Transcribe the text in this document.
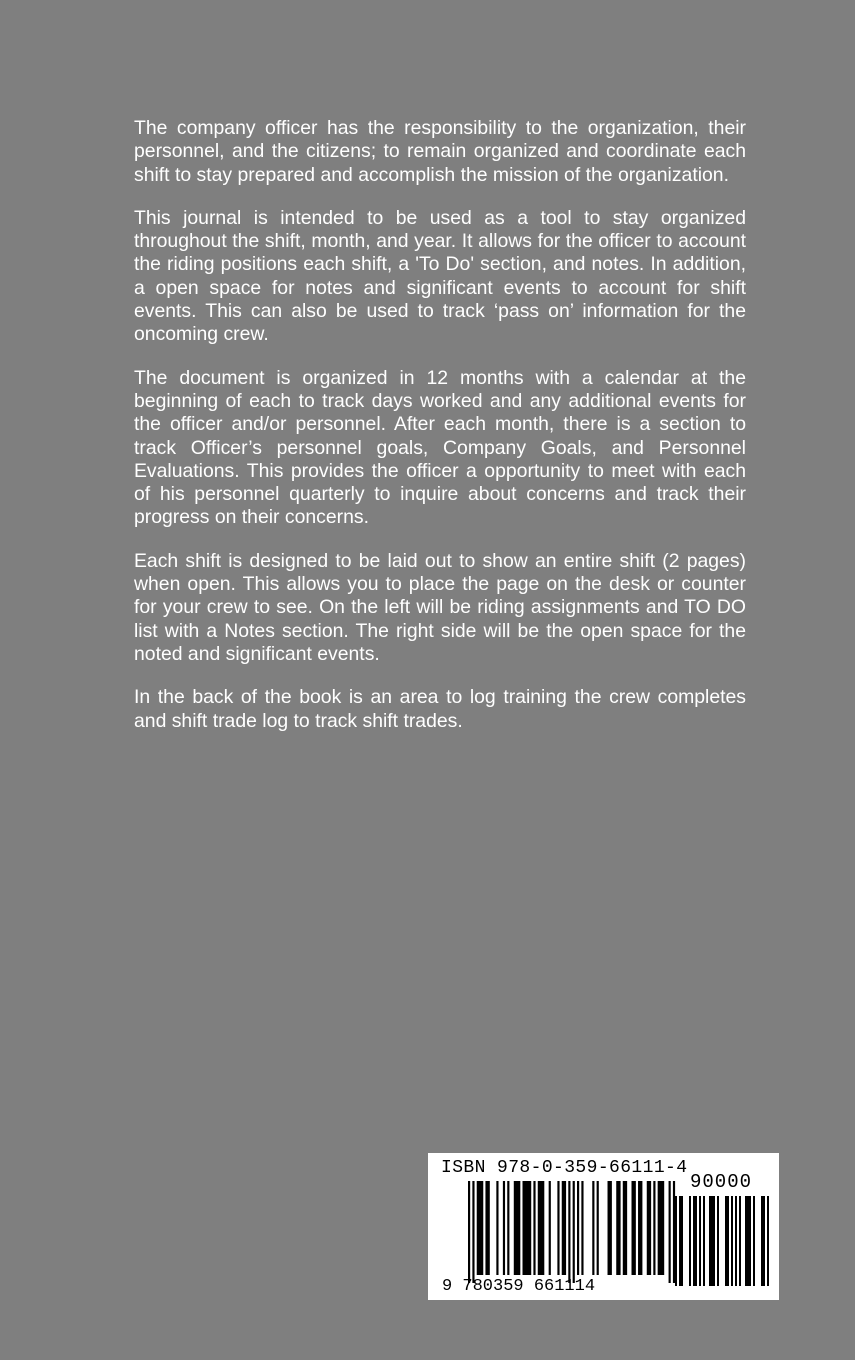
The company officer has the responsibility to the organization, their personnel, and the citizens; to remain organized and coordinate each shift to stay prepared and accomplish the mission of the organization.

This journal is intended to be used as a tool to stay organized throughout the shift, month, and year. It allows for the officer to account the riding positions each shift, a 'To Do' section, and notes. In addition, a open space for notes and significant events to account for shift events. This can also be used to track ‘pass on’ information for the oncoming crew.

The document is organized in 12 months with a calendar at the beginning of each to track days worked and any additional events for the officer and/or personnel. After each month, there is a section to track Officer’s personnel goals, Company Goals, and Personnel Evaluations. This provides the officer a opportunity to meet with each of his personnel quarterly to inquire about concerns and track their progress on their concerns.

Each shift is designed to be laid out to show an entire shift (2 pages) when open. This allows you to place the page on the desk or counter for your crew to see. On the left will be riding assignments and TO DO list with a Notes section. The right side will be the open space for the noted and significant events.

In the back of the book is an area to log training the crew completes and shift trade log to track shift trades.

ISBN 978-0-359-66111-4
90000
9 780359 661114
